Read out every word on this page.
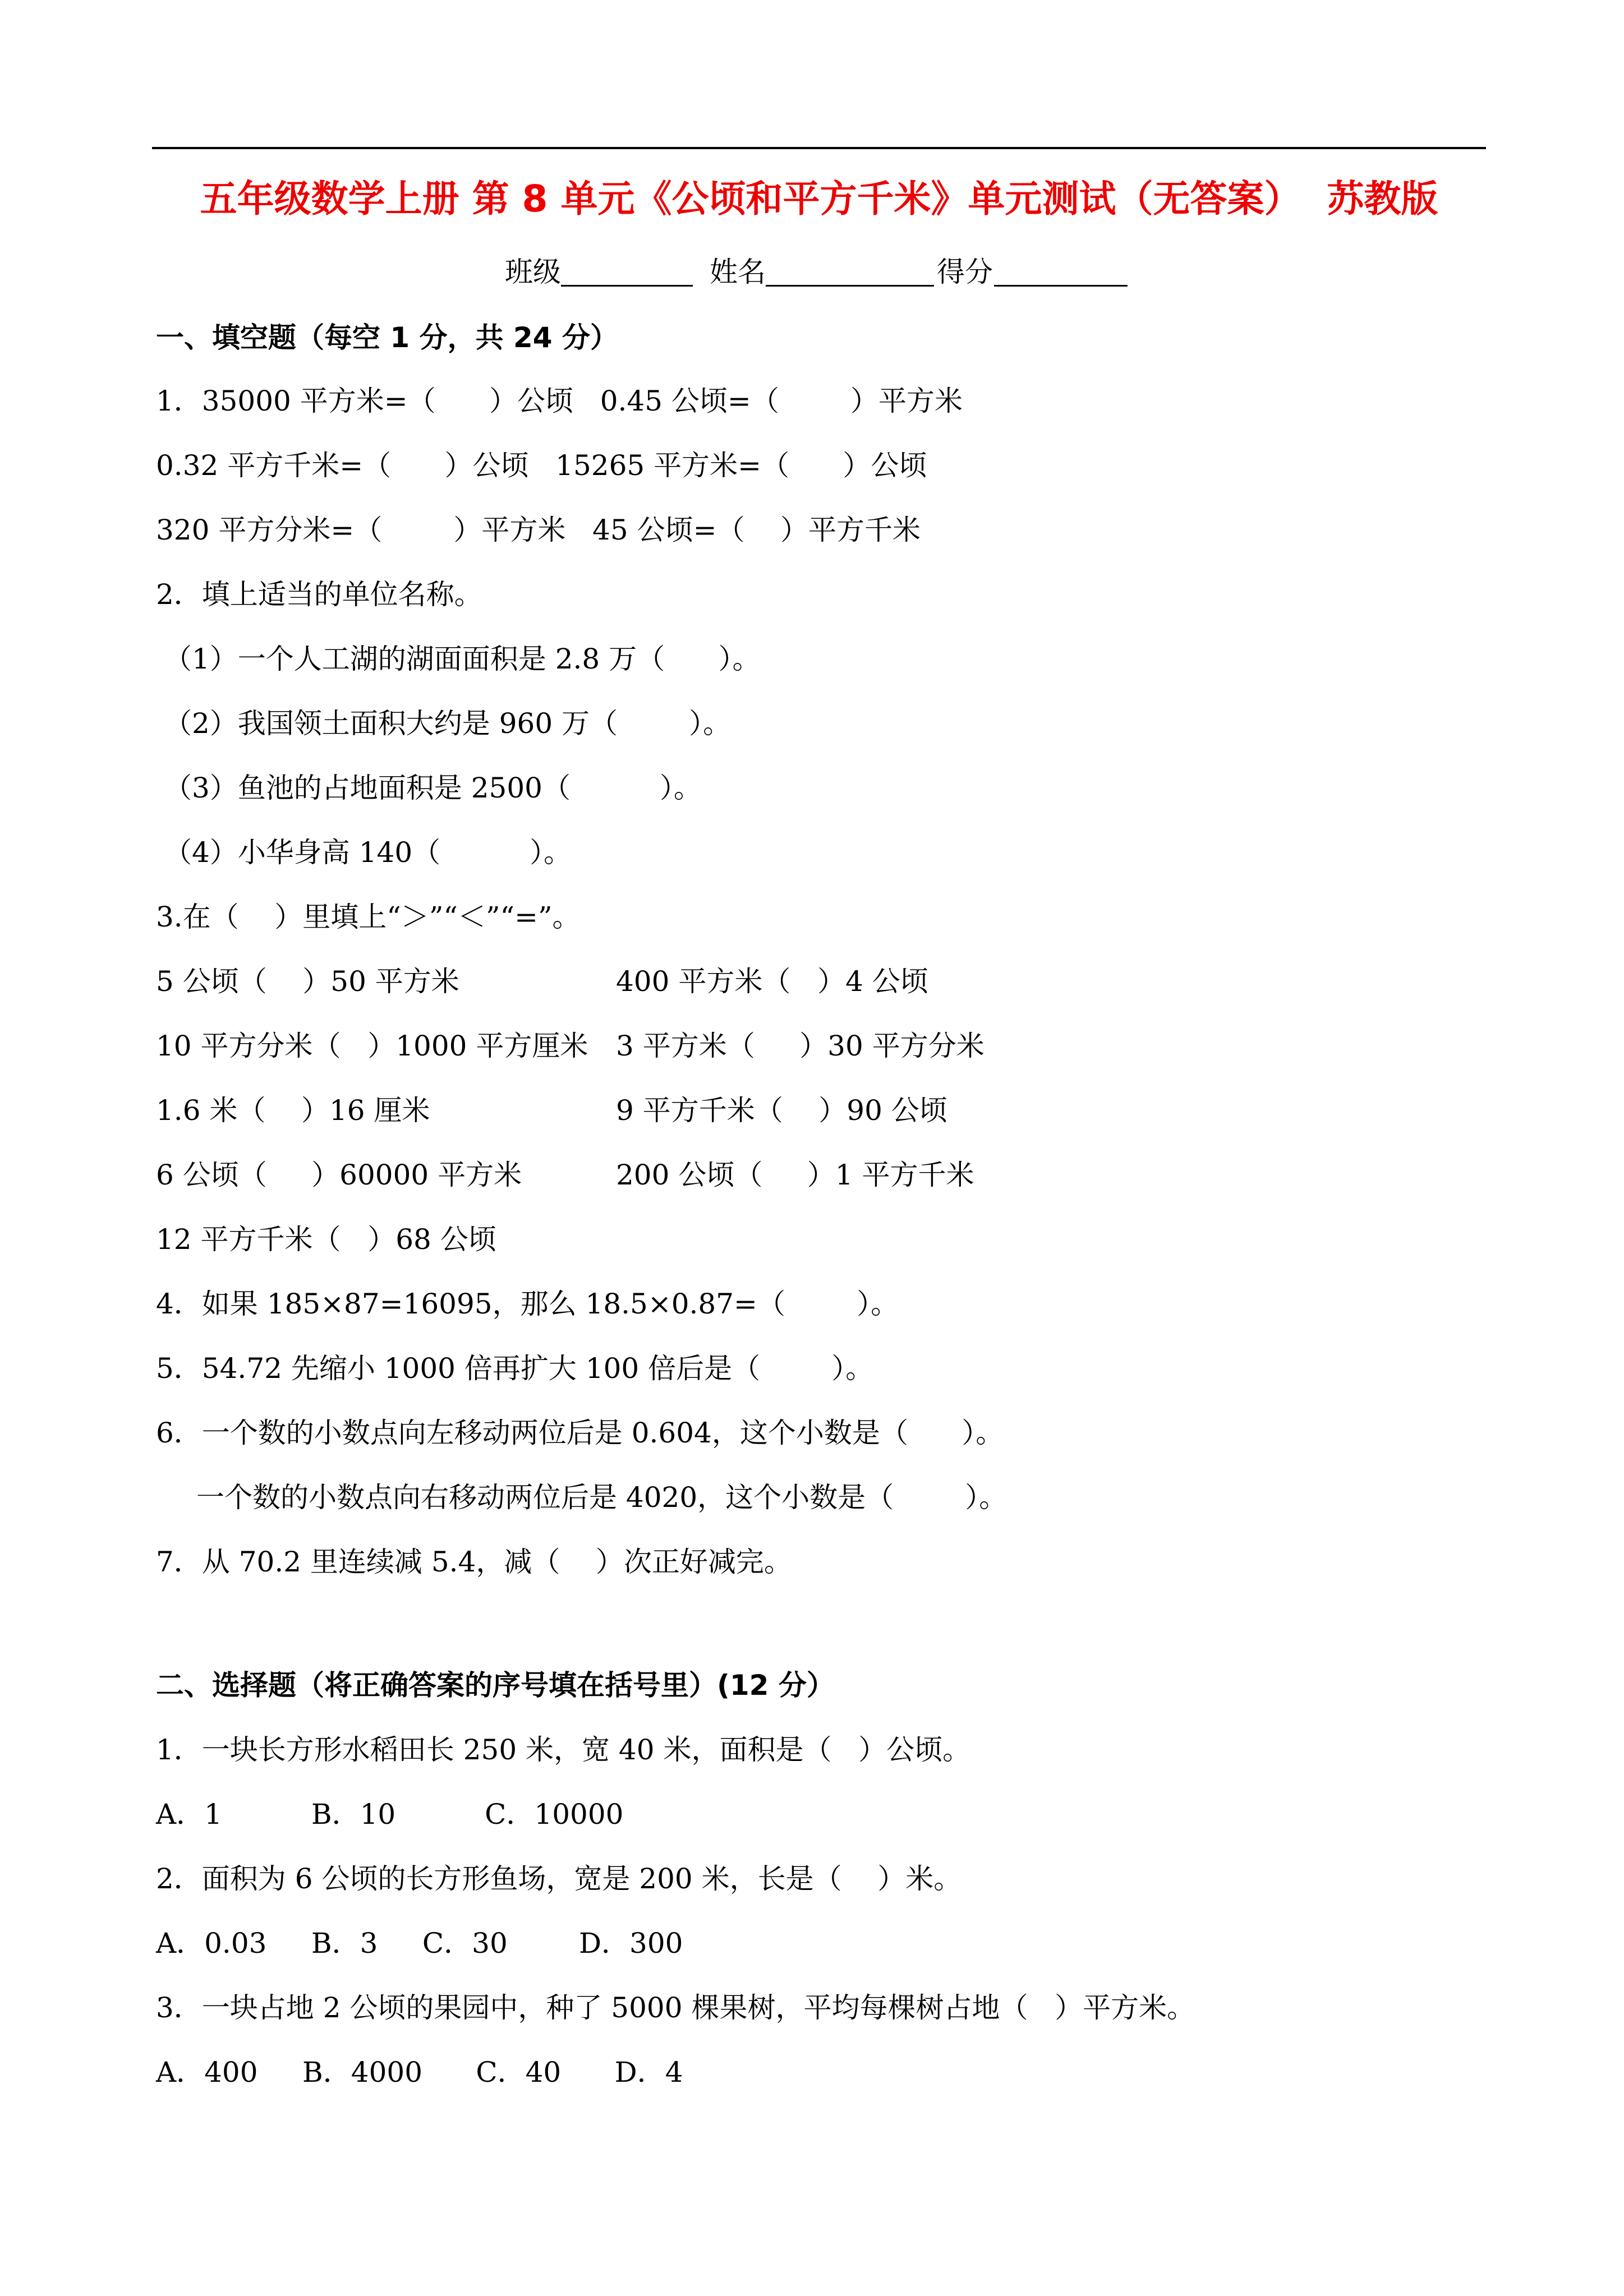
五年级数学上册 第 8 单元《公顷和平方千米》单元测试（无答案）  苏教版
班级	姓名	得分
一、填空题（每空 1 分，共 24 分）
1．35000 平方米=（      ）公顷   0.45 公顷=（        ）平方米
0.32 平方千米=（      ）公顷   15265 平方米=（      ）公顷
320 平方分米=（        ）平方米   45 公顷=（    ）平方千米
2．填上适当的单位名称。
（1）一个人工湖的湖面面积是 2.8 万（      ）。
（2）我国领土面积大约是 960 万（        ）。
（3）鱼池的占地面积是 2500（          ）。
（4）小华身高 140（          ）。
3.在（    ）里填上“＞”“＜”“=”。
5 公顷（    ）50 平方米	400 平方米（   ）4 公顷
10 平方分米（   ）1000 平方厘米 3 平方米（     ）30 平方分米
1.6 米（    ）16 厘米	9 平方千米（    ）90 公顷
6 公顷（     ）60000 平方米	200 公顷（     ）1 平方千米
12 平方千米（   ）68 公顷
4．如果 185×87=16095，那么 18.5×0.87=（        ）。
5．54.72 先缩小 1000 倍再扩大 100 倍后是（        ）。
6．一个数的小数点向左移动两位后是 0.604，这个小数是（      ）。
一个数的小数点向右移动两位后是 4020，这个小数是（        ）。
7．从 70.2 里连续减 5.4，减（    ）次正好减完。
二、选择题（将正确答案的序号填在括号里）(12 分）
1．一块长方形水稻田长 250 米，宽 40 米，面积是（   ）公顷。
A．1          B．10          C．10000
2．面积为 6 公顷的长方形鱼场，宽是 200 米，长是（    ）米。
A．0.03     B．3     C．30        D．300
3．一块占地 2 公顷的果园中，种了 5000 棵果树，平均每棵树占地（   ）平方米。
A．400     B．4000      C．40      D．4
